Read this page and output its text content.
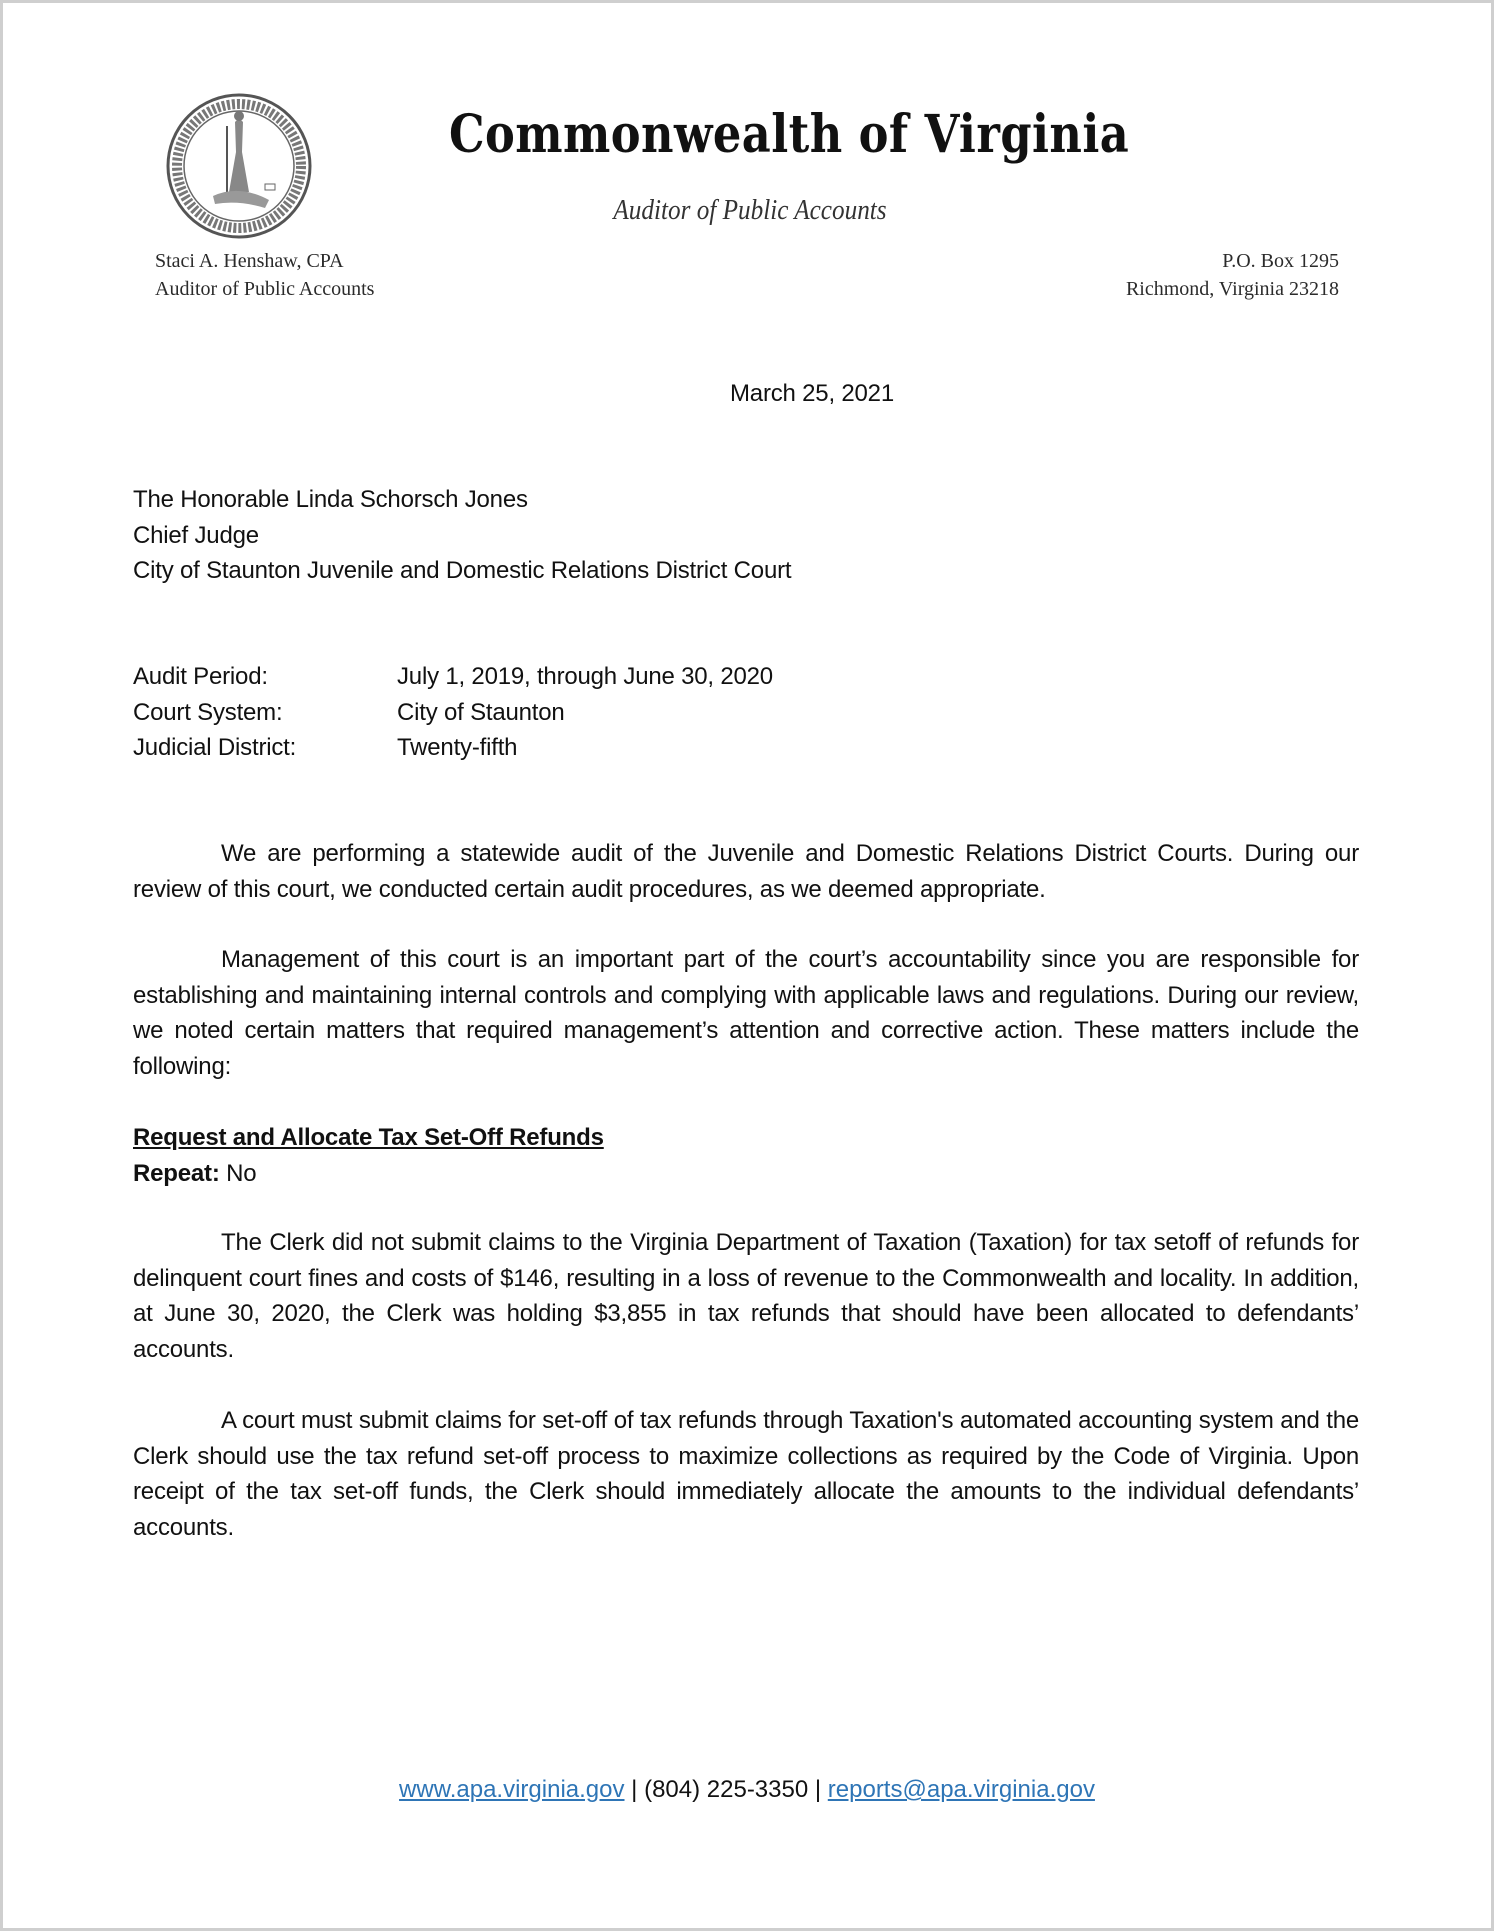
Commonwealth of Virginia
Auditor of Public Accounts
Staci A. Henshaw, CPA
Auditor of Public Accounts
P.O. Box 1295
Richmond, Virginia 23218
March 25, 2021
The Honorable Linda Schorsch Jones
Chief Judge
City of Staunton Juvenile and Domestic Relations District Court
Audit Period:	July 1, 2019, through June 30, 2020
Court System:	City of Staunton
Judicial District:	Twenty-fifth
We are performing a statewide audit of the Juvenile and Domestic Relations District Courts. During our review of this court, we conducted certain audit procedures, as we deemed appropriate.
Management of this court is an important part of the court’s accountability since you are responsible for establishing and maintaining internal controls and complying with applicable laws and regulations. During our review, we noted certain matters that required management’s attention and corrective action. These matters include the following:
Request and Allocate Tax Set-Off Refunds
Repeat: No
The Clerk did not submit claims to the Virginia Department of Taxation (Taxation) for tax setoff of refunds for delinquent court fines and costs of $146, resulting in a loss of revenue to the Commonwealth and locality. In addition, at June 30, 2020, the Clerk was holding $3,855 in tax refunds that should have been allocated to defendants’ accounts.
A court must submit claims for set-off of tax refunds through Taxation's automated accounting system and the Clerk should use the tax refund set-off process to maximize collections as required by the Code of Virginia. Upon receipt of the tax set-off funds, the Clerk should immediately allocate the amounts to the individual defendants’ accounts.
www.apa.virginia.gov | (804) 225-3350 | reports@apa.virginia.gov
